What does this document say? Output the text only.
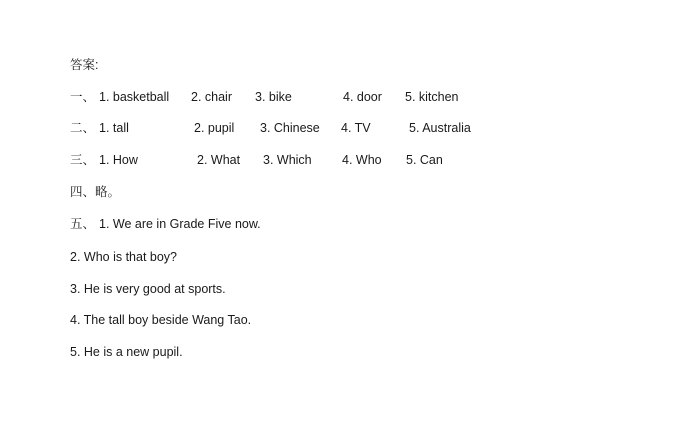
答案:
一、 1. basketball 2. chair 3. bike	4. door 5. kitchen
二、 1. tall	2. pupil 3. Chinese 4. TV	5. Australia
三、 1. How	2. What 3. Which 4. Who 5. Can
四、略。
五、 1. We are in Grade Five now.
2. Who is that boy?
3. He is very good at sports.
4. The tall boy beside Wang Tao.
5. He is a new pupil.
